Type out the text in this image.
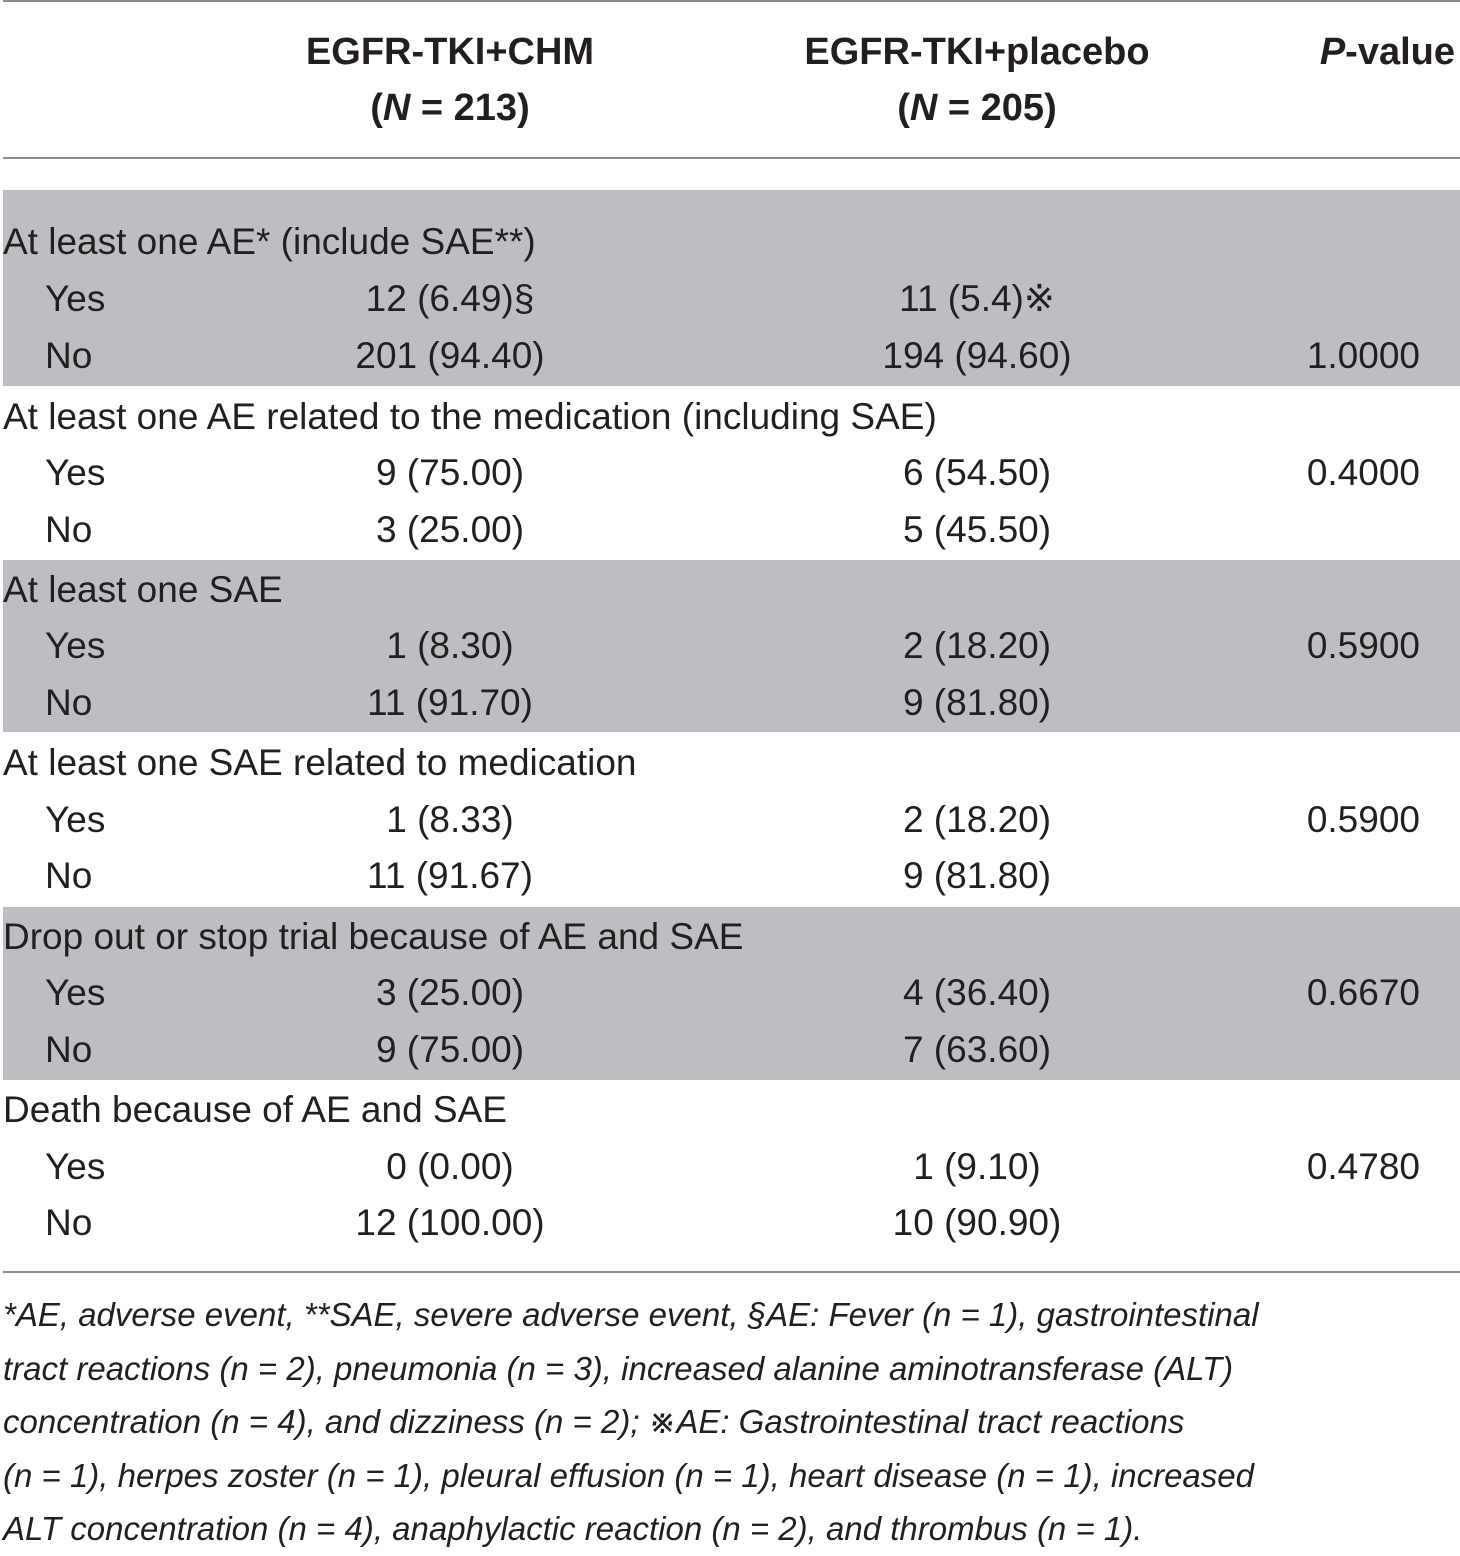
EGFR-TKI+CHM
(N = 213)
EGFR-TKI+placebo
(N = 205)
P-value
At least one AE* (include SAE**)
Yes	12 (6.49)§	11 (5.4)※
No	201 (94.40)	194 (94.60)	1.0000
At least one AE related to the medication (including SAE)
Yes	9 (75.00)	6 (54.50)	0.4000
No	3 (25.00)	5 (45.50)
At least one SAE
Yes	1 (8.30)	2 (18.20)	0.5900
No	11 (91.70)	9 (81.80)
At least one SAE related to medication
Yes	1 (8.33)	2 (18.20)	0.5900
No	11 (91.67)	9 (81.80)
Drop out or stop trial because of AE and SAE
Yes	3 (25.00)	4 (36.40)	0.6670
No	9 (75.00)	7 (63.60)
Death because of AE and SAE
Yes	0 (0.00)	1 (9.10)	0.4780
No	12 (100.00)	10 (90.90)

*AE, adverse event, **SAE, severe adverse event, §AE: Fever (n = 1), gastrointestinal

tract reactions (n = 2), pneumonia (n = 3), increased alanine aminotransferase (ALT)

concentration (n = 4), and dizziness (n = 2); ※AE: Gastrointestinal tract reactions

(n = 1), herpes zoster (n = 1), pleural effusion (n = 1), heart disease (n = 1), increased

ALT concentration (n = 4), anaphylactic reaction (n = 2), and thrombus (n = 1).
